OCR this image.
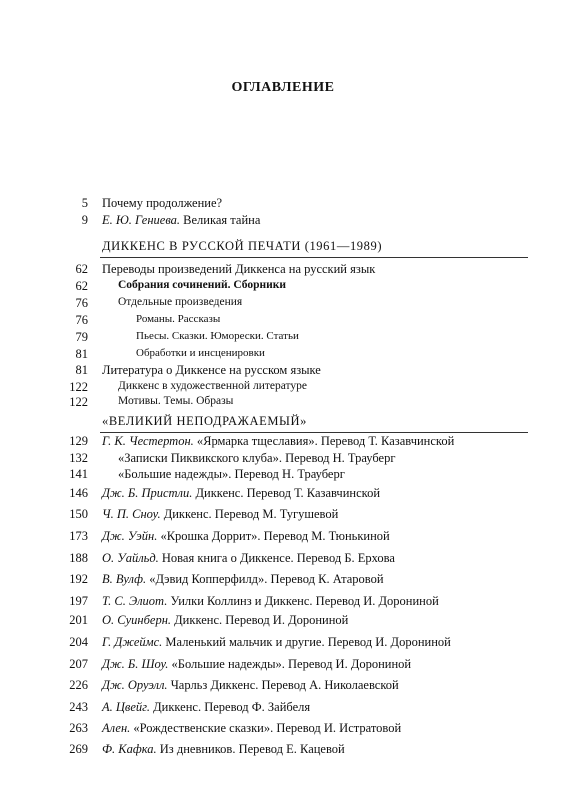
ОГЛАВЛЕНИЕ
5 Почему продолжение?
9 Е. Ю. Гениева. Великая тайна
ДИККЕНС В РУССКОЙ ПЕЧАТИ (1961—1989)
62 Переводы произведений Диккенса на русский язык
62	Собрания сочинений. Сборники
76	Отдельные произведения
76	Романы. Рассказы
79	Пьесы. Сказки. Юморески. Статьи
81	Обработки и инсценировки
81 Литература о Диккенсе на русском языке
122	Диккенс в художественной литературе
122	Мотивы. Темы. Образы
«ВЕЛИКИЙ НЕПОДРАЖАЕМЫЙ»
129 Г. К. Честертон. «Ярмарка тщеславия». Перевод Т. Казавчинской
132 «Записки Пиквикского клуба». Перевод Н. Трауберг
141 «Большие надежды». Перевод Н. Трауберг
146 Дж. Б. Пристли. Диккенс. Перевод Т. Казавчинской
150 Ч. П. Сноу. Диккенс. Перевод М. Тугушевой
173 Дж. Уэйн. «Крошка Доррит». Перевод М. Тюнькиной
188 О. Уайльд. Новая книга о Диккенсе. Перевод Б. Ерхова
192 В. Вулф. «Дэвид Копперфилд». Перевод К. Атаровой
197 Т. С. Элиот. Уилки Коллинз и Диккенс. Перевод И. Дорониной
201 О. Суинберн. Диккенс. Перевод И. Дорониной
204 Г. Джеймс. Маленький мальчик и другие. Перевод И. Дорониной
207 Дж. Б. Шоу. «Большие надежды». Перевод И. Дорониной
226 Дж. Оруэлл. Чарльз Диккенс. Перевод А. Николаевской
243 А. Цвейг. Диккенс. Перевод Ф. Зайбеля
263 Ален. «Рождественские сказки». Перевод И. Истратовой
269 Ф. Кафка. Из дневников. Перевод Е. Кацевой
